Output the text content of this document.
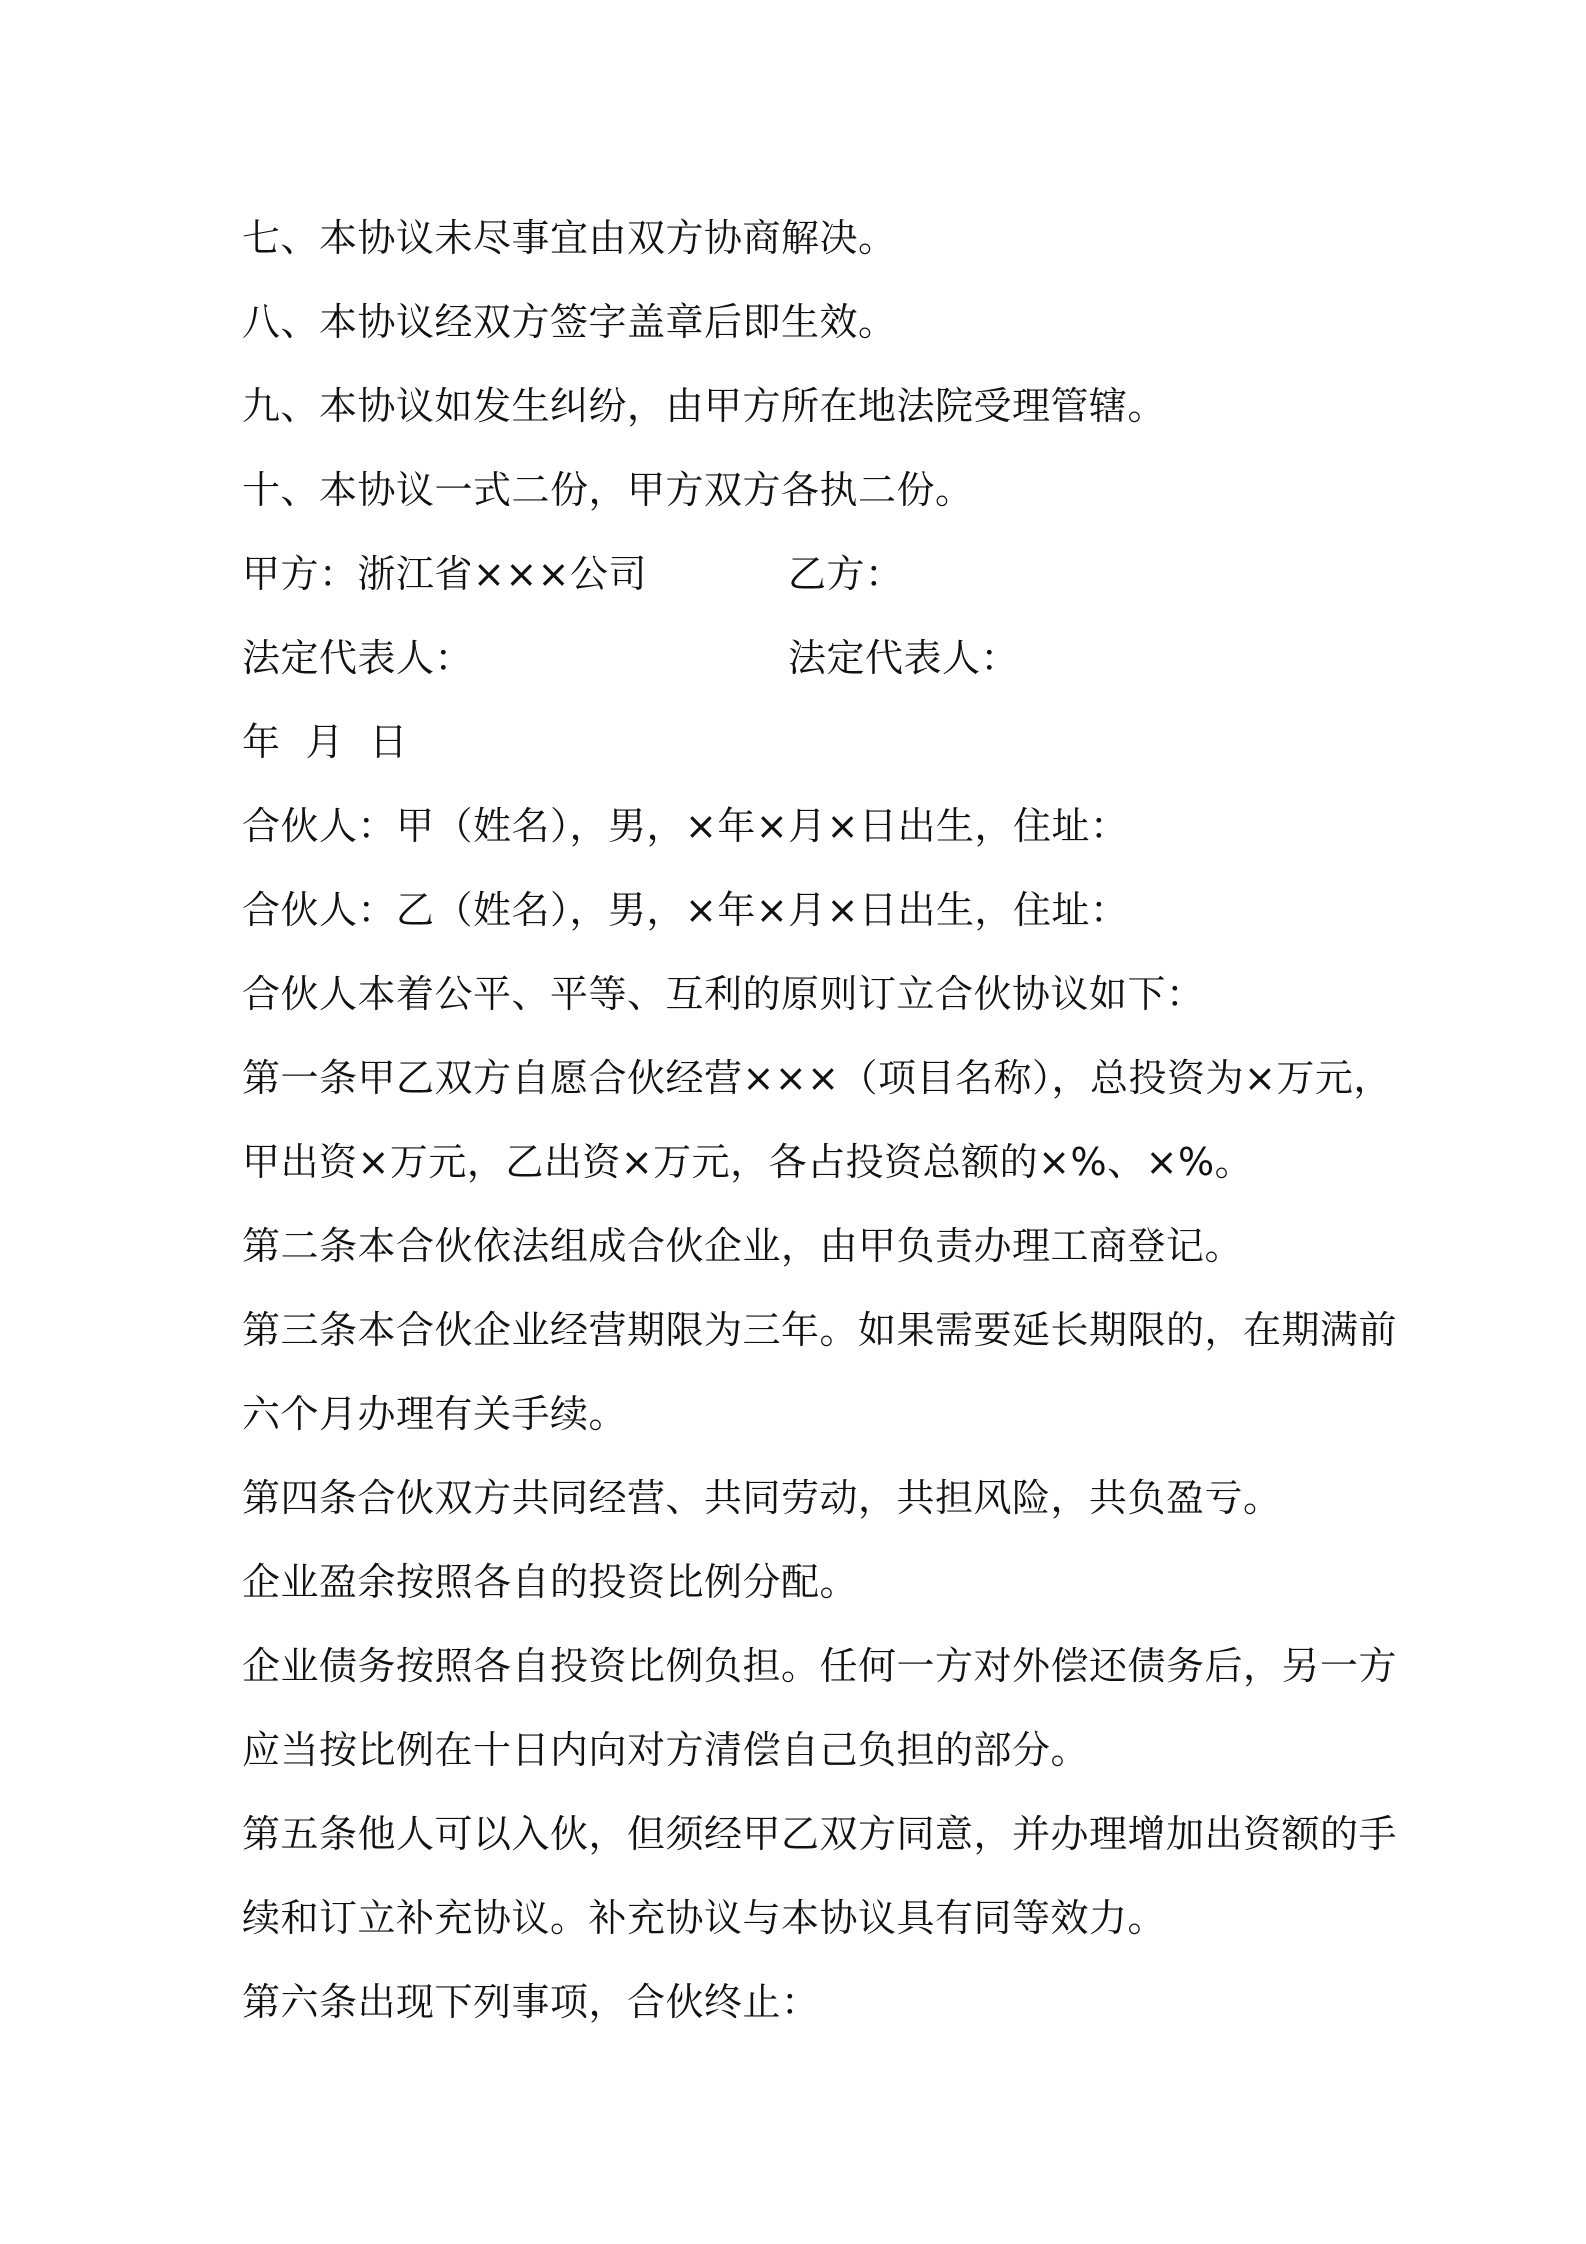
七、本协议未尽事宜由双方协商解决。
八、本协议经双方签字盖章后即生效。
九、本协议如发生纠纷，由甲方所在地法院受理管辖。
十、本协议一式二份，甲方双方各执二份。
甲方：浙江省×××公司	乙方：
法定代表人：	法定代表人：
年  月  日
合伙人：甲（姓名），男，×年×月×日出生，住址：
合伙人：乙（姓名），男，×年×月×日出生，住址：
合伙人本着公平、平等、互利的原则订立合伙协议如下：
第一条甲乙双方自愿合伙经营×××（项目名称），总投资为×万元，
甲出资×万元，乙出资×万元，各占投资总额的×%、×%。
第二条本合伙依法组成合伙企业，由甲负责办理工商登记。
第三条本合伙企业经营期限为三年。如果需要延长期限的，在期满前
六个月办理有关手续。
第四条合伙双方共同经营、共同劳动，共担风险，共负盈亏。
企业盈余按照各自的投资比例分配。
企业债务按照各自投资比例负担。任何一方对外偿还债务后，另一方
应当按比例在十日内向对方清偿自己负担的部分。
第五条他人可以入伙，但须经甲乙双方同意，并办理增加出资额的手
续和订立补充协议。补充协议与本协议具有同等效力。
第六条出现下列事项，合伙终止：
